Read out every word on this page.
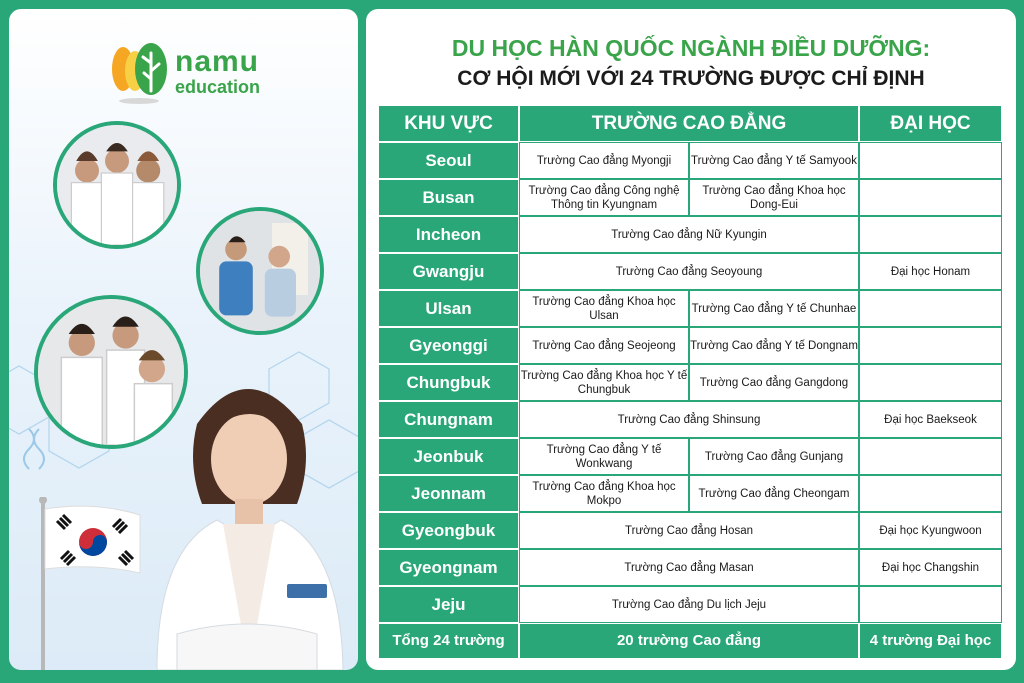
namu
education
DU HỌC HÀN QUỐC NGÀNH ĐIỀU DƯỠNG:
CƠ HỘI MỚI VỚI 24 TRƯỜNG ĐƯỢC CHỈ ĐỊNH
KHU VỰC	TRƯỜNG CAO ĐẲNG		ĐẠI HỌC
Seoul	Trường Cao đẳng Myongji	Trường Cao đẳng Y tế Samyook	
Busan	Trường Cao đẳng Công nghệ Thông tin Kyungnam	Trường Cao đẳng Khoa học Dong-Eui	
Incheon	Trường Cao đẳng Nữ Kyungin		
Gwangju	Trường Cao đẳng Seoyoung		Đại học Honam
Ulsan	Trường Cao đẳng Khoa học Ulsan	Trường Cao đẳng Y tế Chunhae	
Gyeonggi	Trường Cao đẳng Seojeong	Trường Cao đẳng Y tế Dongnam	
Chungbuk	Trường Cao đẳng Khoa học Y tế Chungbuk	Trường Cao đẳng Gangdong	
Chungnam	Trường Cao đẳng Shinsung		Đại học Baekseok
Jeonbuk	Trường Cao đẳng Y tế Wonkwang	Trường Cao đẳng Gunjang	
Jeonnam	Trường Cao đẳng Khoa học Mokpo	Trường Cao đẳng Cheongam	
Gyeongbuk	Trường Cao đẳng Hosan		Đại học Kyungwoon
Gyeongnam	Trường Cao đẳng Masan		Đại học Changshin
Jeju	Trường Cao đẳng Du lịch Jeju		
Tổng 24 trường	20 trường Cao đẳng		4 trường Đại học
